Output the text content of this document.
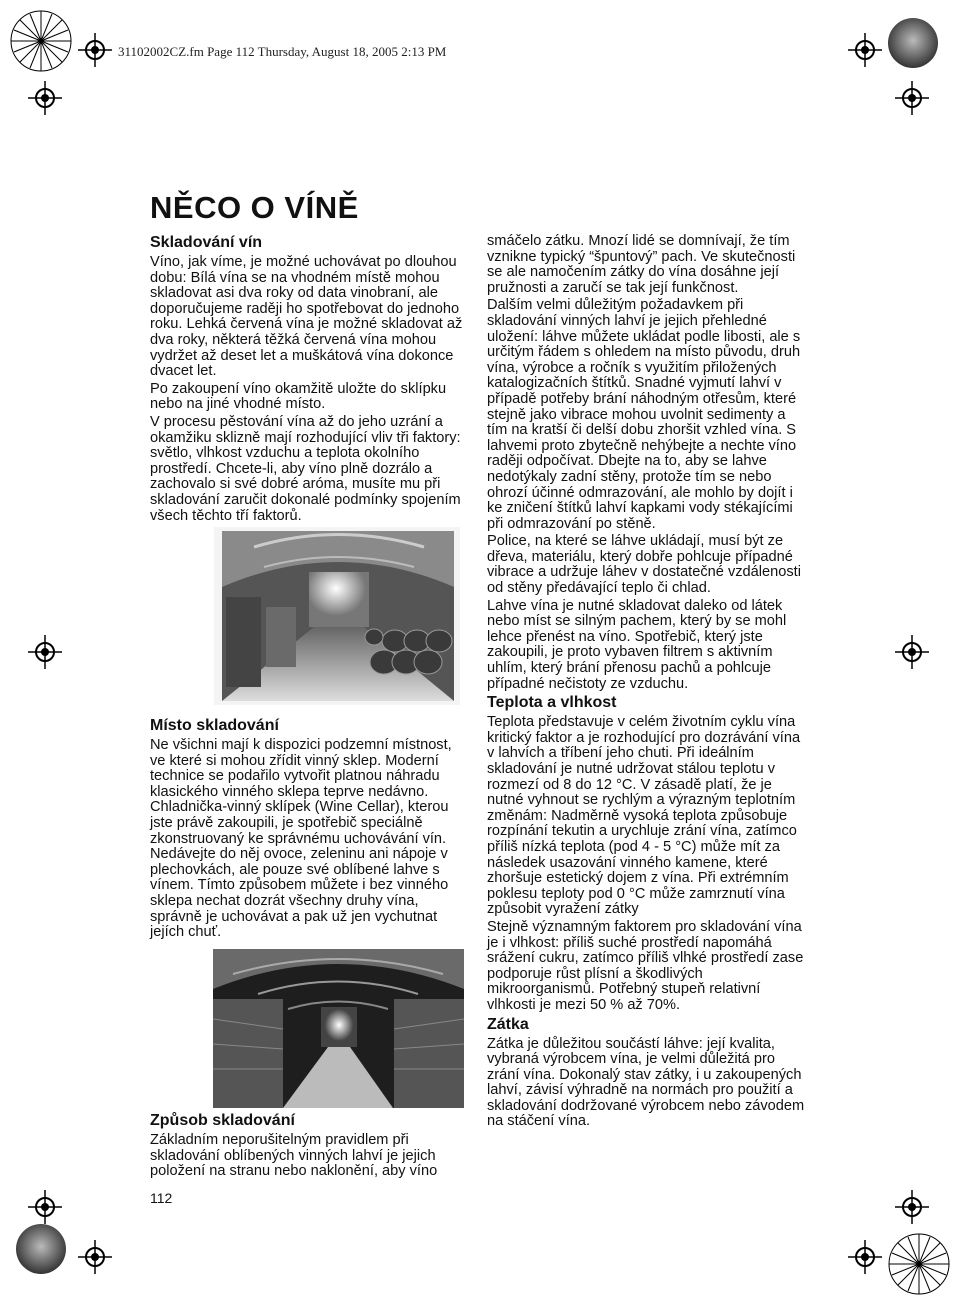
31102002CZ.fm Page 112 Thursday, August 18, 2005 2:13 PM
NĚCO O VÍNĚ
Skladování vín

Víno, jak víme, je možné uchovávat po dlouhou dobu: Bílá vína se na vhodném místě mohou skladovat asi dva roky od data vinobraní, ale doporučujeme raději ho spotřebovat do jednoho roku. Lehká červená vína je možné skladovat až dva roky, některá těžká červená vína mohou vydržet až deset let a muškátová vína dokonce dvacet let.

Po zakoupení víno okamžitě uložte do sklípku nebo na jiné vhodné místo.

V procesu pěstování vína až do jeho uzrání a okamžiku sklizně mají rozhodující vliv tři faktory: světlo, vlhkost vzduchu a teplota okolního prostředí. Chcete-li, aby víno plně dozrálo a zachovalo si své dobré aróma, musíte mu při skladování zaručit dokonalé podmínky spojením všech těchto tří faktorů.

Místo skladování

Ne všichni mají k dispozici podzemní místnost, ve které si mohou zřídit vinný sklep. Moderní technice se podařilo vytvořit platnou náhradu klasického vinného sklepa teprve nedávno. Chladnička-vinný sklípek (Wine Cellar), kterou jste právě zakoupili, je spotřebič speciálně zkonstruovaný ke správnému uchovávání vín. Nedávejte do něj ovoce, zeleninu ani nápoje v plechovkách, ale pouze své oblíbené lahve s vínem. Tímto způsobem můžete i bez vinného sklepa nechat dozrát všechny druhy vína, správně je uchovávat a pak už jen vychutnat jejích chuť.

Způsob skladování

Základním neporušitelným pravidlem při skladování oblíbených vinných lahví je jejich položení na stranu nebo naklonění, aby víno

smáčelo zátku. Mnozí lidé se domnívají, že tím vznikne typický “špuntový” pach. Ve skutečnosti se ale namočením zátky do vína dosáhne její pružnosti a zaručí se tak její funkčnost.

Dalším velmi důležitým požadavkem při skladování vinných lahví je jejich přehledné uložení: láhve můžete ukládat podle libosti, ale s určitým řádem s ohledem na místo původu, druh vína, výrobce a ročník s využitím přiložených katalogizačních štítků. Snadné vyjmutí lahví v případě potřeby brání náhodným otřesům, které stejně jako vibrace mohou uvolnit sedimenty a tím na kratší či delší dobu zhoršit vzhled vína. S lahvemi proto zbytečně nehýbejte a nechte víno raději odpočívat. Dbejte na to, aby se lahve nedotýkaly zadní stěny, protože tím se nebo ohrozí účinné odmrazování, ale mohlo by dojít i ke zničení štítků lahví kapkami vody stékajícími při odmrazování po stěně.

Police, na které se láhve ukládají, musí být ze dřeva, materiálu, který dobře pohlcuje případné vibrace a udržuje láhev v dostatečné vzdálenosti od stěny předávající teplo či chlad.

Lahve vína je nutné skladovat daleko od látek nebo míst se silným pachem, který by se mohl lehce přenést na víno. Spotřebič, který jste zakoupili, je proto vybaven filtrem s aktivním uhlím, který brání přenosu pachů a pohlcuje případné nečistoty ze vzduchu.

Teplota a vlhkost

Teplota představuje v celém životním cyklu vína kritický faktor a je rozhodující pro dozrávání vína v lahvích a tříbení jeho chuti. Při ideálním skladování je nutné udržovat stálou teplotu v rozmezí od 8 do 12 °C. V zásadě platí, že je nutné vyhnout se rychlým a výrazným teplotním změnám: Nadměrně vysoká teplota způsobuje rozpínání tekutin a urychluje zrání vína, zatímco příliš nízká teplota (pod 4 - 5 °C) může mít za následek usazování vinného kamene, které zhoršuje estetický dojem z vína. Při extrémním poklesu teploty pod 0 °C může zamrznutí vína způsobit vyražení zátky

Stejně významným faktorem pro skladování vína je i vlhkost: příliš suché prostředí napomáhá srážení cukru, zatímco příliš vlhké prostředí zase podporuje růst plísní a škodlivých mikroorganismů. Potřebný stupeň relativní vlhkosti je mezi 50 % až 70%.

Zátka

Zátka je důležitou součástí láhve: její kvalita, vybraná výrobcem vína, je velmi důležitá pro zrání vína. Dokonalý stav zátky, i u zakoupených lahví, závisí výhradně na normách pro použití a skladování dodržované výrobcem nebo závodem na stáčení vína.

112
